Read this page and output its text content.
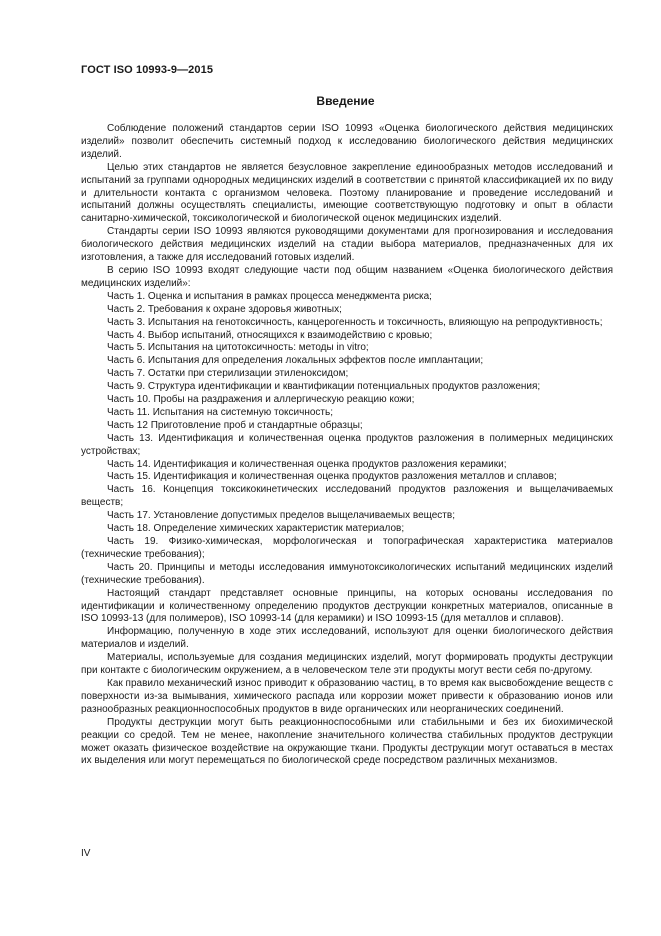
ГОСТ ISO 10993-9—2015
Введение

Соблюдение положений стандартов серии ISO 10993 «Оценка биологического действия медицинских изделий» позволит обеспечить системный подход к исследованию биологического действия медицинских изделий.

Целью этих стандартов не является безусловное закрепление единообразных методов исследований и испытаний за группами однородных медицинских изделий в соответствии с принятой классификацией их по виду и длительности контакта с организмом человека. Поэтому планирование и проведение исследований и испытаний должны осуществлять специалисты, имеющие соответствующую подготовку и опыт в области санитарно-химической, токсикологической и биологической оценок медицинских изделий.

Стандарты серии ISO 10993 являются руководящими документами для прогнозирования и исследования биологического действия медицинских изделий на стадии выбора материалов, предназначенных для их изготовления, а также для исследований готовых изделий.

В серию ISO 10993 входят следующие части под общим названием «Оценка биологического действия медицинских изделий»:

Часть 1. Оценка и испытания в рамках процесса менеджмента риска;

Часть 2. Требования к охране здоровья животных;

Часть 3. Испытания на генотоксичность, канцерогенность и токсичность, влияющую на репродуктивность;

Часть 4. Выбор испытаний, относящихся к взаимодействию с кровью;

Часть 5. Испытания на цитотоксичность: методы in vitro;

Часть 6. Испытания для определения локальных эффектов после имплантации;

Часть 7. Остатки при стерилизации этиленоксидом;

Часть 9. Структура идентификации и квантификации потенциальных продуктов разложения;

Часть 10. Пробы на раздражения и аллергическую реакцию кожи;

Часть 11. Испытания на системную токсичность;

Часть 12 Приготовление проб и стандартные образцы;

Часть 13. Идентификация и количественная оценка продуктов разложения в полимерных медицинских устройствах;

Часть 14. Идентификация и количественная оценка продуктов разложения керамики;

Часть 15. Идентификация и количественная оценка продуктов разложения металлов и сплавов;

Часть 16. Концепция токсикокинетических исследований продуктов разложения и выщелачиваемых веществ;

Часть 17. Установление допустимых пределов выщелачиваемых веществ;

Часть 18. Определение химических характеристик материалов;

Часть 19. Физико-химическая, морфологическая и топографическая характеристика материалов (технические требования);

Часть 20. Принципы и методы исследования иммунотоксикологических испытаний медицинских изделий (технические требования).

Настоящий стандарт представляет основные принципы, на которых основаны исследования по идентификации и количественному определению продуктов деструкции конкретных материалов, описанные в ISO 10993-13 (для полимеров), ISO 10993-14 (для керамики) и ISO 10993-15 (для металлов и сплавов).

Информацию, полученную в ходе этих исследований, используют для оценки биологического действия материалов и изделий.

Материалы, используемые для создания медицинских изделий, могут формировать продукты деструкции при контакте с биологическим окружением, а в человеческом теле эти продукты могут вести себя по-другому.

Как правило механический износ приводит к образованию частиц, в то время как высвобождение веществ с поверхности из-за вымывания, химического распада или коррозии может привести к образованию ионов или разнообразных реакционноспособных продуктов в виде органических или неорганических соединений.

Продукты деструкции могут быть реакционноспособными или стабильными и без их биохимической реакции со средой. Тем не менее, накопление значительного количества стабильных продуктов деструкции может оказать физическое воздействие на окружающие ткани. Продукты деструкции могут оставаться в местах их выделения или могут перемещаться по биологической среде посредством различных механизмов.

IV
